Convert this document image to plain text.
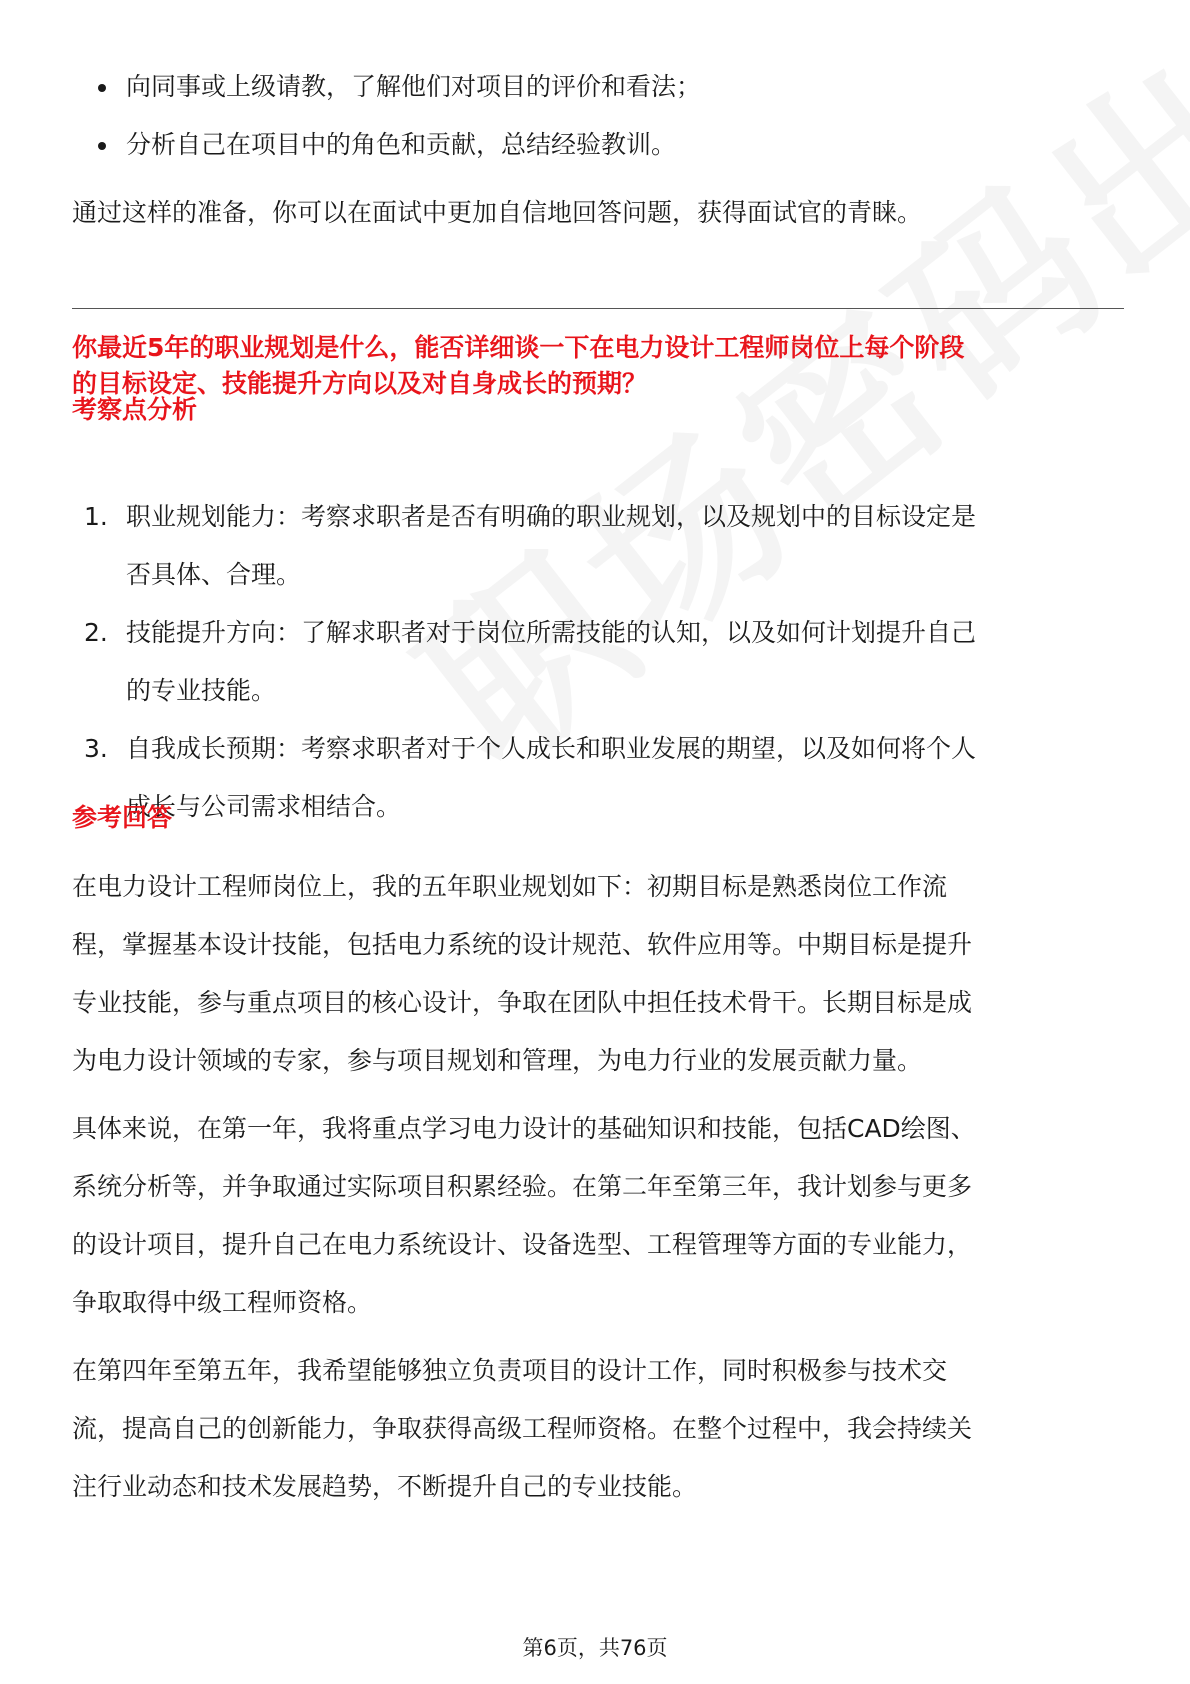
向同事或上级请教，了解他们对项目的评价和看法；
分析自己在项目中的角色和贡献，总结经验教训。

通过这样的准备，你可以在面试中更加自信地回答问题，获得面试官的青睐。

你最近5年的职业规划是什么，能否详细谈一下在电力设计工程师岗位上每个阶段
的目标设定、技能提升方向以及对自身成长的预期？
考察点分析
1. 职业规划能力：考察求职者是否有明确的职业规划，以及规划中的目标设定是
否具体、合理。
2. 技能提升方向：了解求职者对于岗位所需技能的认知，以及如何计划提升自己
的专业技能。
3. 自我成长预期：考察求职者对于个人成长和职业发展的期望，以及如何将个人
成长与公司需求相结合。
参考回答

在电力设计工程师岗位上，我的五年职业规划如下：初期目标是熟悉岗位工作流
程，掌握基本设计技能，包括电力系统的设计规范、软件应用等。中期目标是提升
专业技能，参与重点项目的核心设计，争取在团队中担任技术骨干。长期目标是成
为电力设计领域的专家，参与项目规划和管理，为电力行业的发展贡献力量。

具体来说，在第一年，我将重点学习电力设计的基础知识和技能，包括CAD绘图、
系统分析等，并争取通过实际项目积累经验。在第二年至第三年，我计划参与更多
的设计项目，提升自己在电力系统设计、设备选型、工程管理等方面的专业能力，
争取取得中级工程师资格。

在第四年至第五年，我希望能够独立负责项目的设计工作，同时积极参与技术交
流，提高自己的创新能力，争取获得高级工程师资格。在整个过程中，我会持续关
注行业动态和技术发展趋势，不断提升自己的专业技能。

第6页，共76页
